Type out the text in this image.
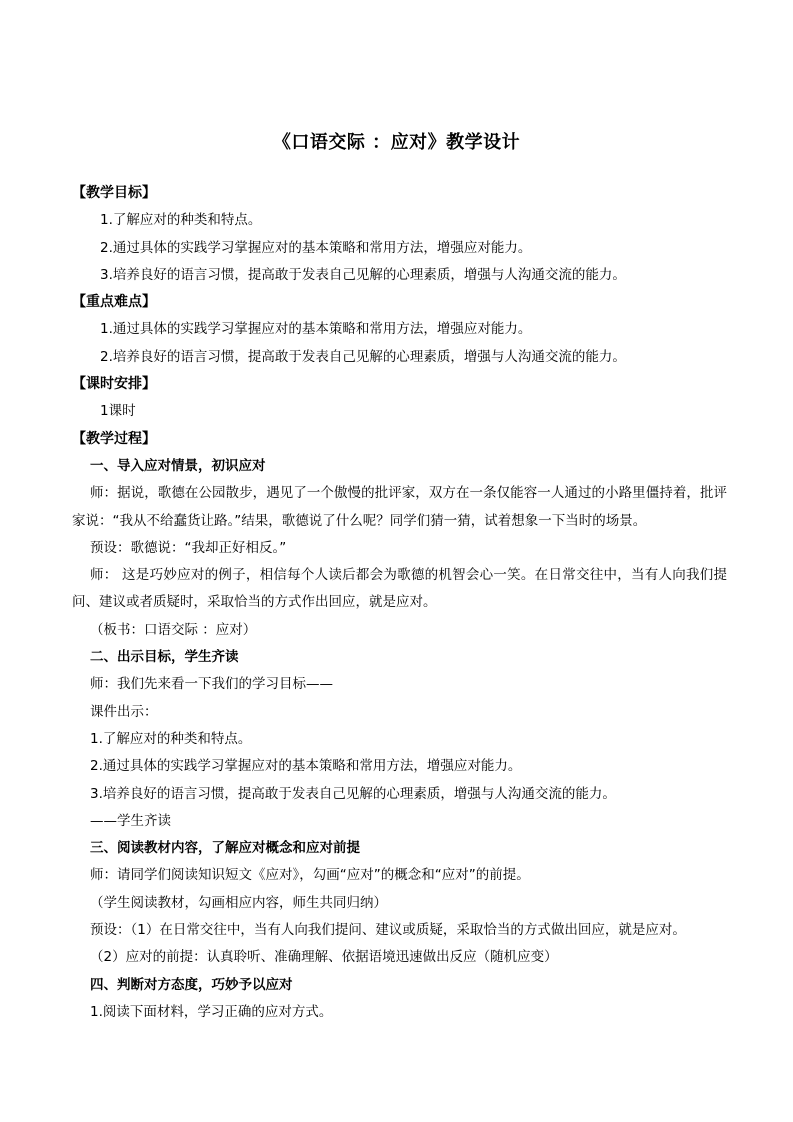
《口语交际 ：应对》教学设计
【教学目标】
1.了解应对的种类和特点。
2.通过具体的实践学习掌握应对的基本策略和常用方法，增强应对能力。
3.培养良好的语言习惯，提高敢于发表自己见解的心理素质，增强与人沟通交流的能力。
【重点难点】
1.通过具体的实践学习掌握应对的基本策略和常用方法，增强应对能力。
2.培养良好的语言习惯，提高敢于发表自己见解的心理素质，增强与人沟通交流的能力。
【课时安排】
1课时
【教学过程】
一、导入应对情景，初识应对
师：据说，歌德在公园散步，遇见了一个傲慢的批评家，双方在一条仅能容一人通过的小路里僵持着，批评家说：“我从不给蠢货让路。”结果，歌德说了什么呢？同学们猜一猜，试着想象一下当时的场景。
预设：歌德说：“我却正好相反。”
师： 这是巧妙应对的例子，相信每个人读后都会为歌德的机智会心一笑。在日常交往中，当有人向我们提问、建议或者质疑时，采取恰当的方式作出回应，就是应对。
（板书：口语交际 ：应对）
二、出示目标，学生齐读
师：我们先来看一下我们的学习目标——
课件出示：
1.了解应对的种类和特点。
2.通过具体的实践学习掌握应对的基本策略和常用方法，增强应对能力。
3.培养良好的语言习惯，提高敢于发表自己见解的心理素质，增强与人沟通交流的能力。
——学生齐读
三、阅读教材内容，了解应对概念和应对前提
师：请同学们阅读知识短文《应对》，勾画“应对”的概念和“应对”的前提。
（学生阅读教材，勾画相应内容，师生共同归纳）
预设：（1）在日常交往中，当有人向我们提问、建议或质疑，采取恰当的方式做出回应，就是应对。
（2）应对的前提：认真聆听、准确理解、依据语境迅速做出反应（随机应变）
四、判断对方态度，巧妙予以应对
1.阅读下面材料，学习正确的应对方式。
